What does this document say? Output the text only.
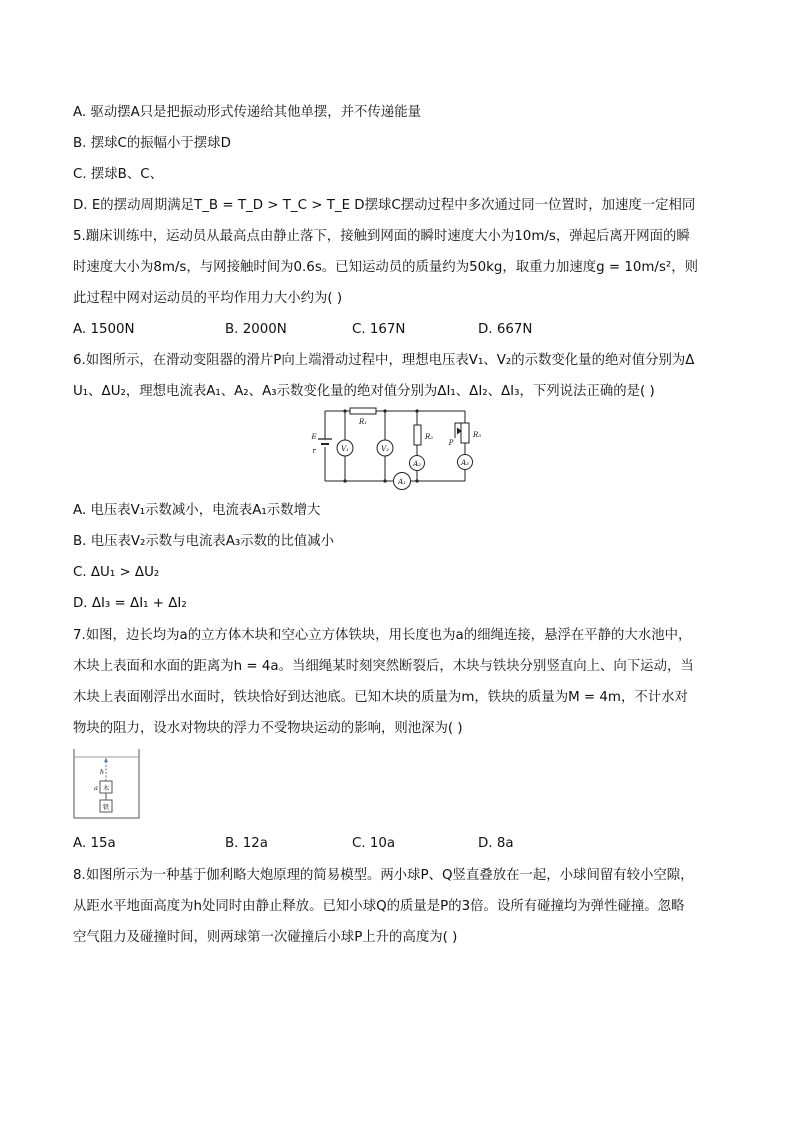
A. 驱动摆A只是把振动形式传递给其他单摆，并不传递能量
B. 摆球C的振幅小于摆球D
C. 摆球B、C、
D. E的摆动周期满足T_B = T_D > T_C > T_E D摆球C摆动过程中多次通过同一位置时，加速度一定相同
5.蹦床训练中，运动员从最高点由静止落下，接触到网面的瞬时速度大小为10m/s，弹起后离开网面的瞬
时速度大小为8m/s，与网接触时间为0.6s。已知运动员的质量约为50kg，取重力加速度g = 10m/s²，则
此过程中网对运动员的平均作用力大小约为( )
A. 1500N	B. 2000N	C. 167N	D. 667N
6.如图所示，在滑动变阻器的滑片P向上端滑动过程中，理想电压表V₁、V₂的示数变化量的绝对值分别为Δ
U₁、ΔU₂，理想电流表A₁、A₂、A₃示数变化量的绝对值分别为ΔI₁、ΔI₂、ΔI₃，下列说法正确的是( )
V₁	V₂
A₂	A₃
A₁
R₁
R₂	R₃
P
E
r
A. 电压表V₁示数减小，电流表A₁示数增大
B. 电压表V₂示数与电流表A₃示数的比值减小
C. ΔU₁ > ΔU₂
D. ΔI₃ = ΔI₁ + ΔI₂
7.如图，边长均为a的立方体木块和空心立方体铁块，用长度也为a的细绳连接，悬浮在平静的大水池中，
木块上表面和水面的距离为h = 4a。当细绳某时刻突然断裂后，木块与铁块分别竖直向上、向下运动，当
木块上表面刚浮出水面时，铁块恰好到达池底。已知木块的质量为m，铁块的质量为M = 4m，不计水对
物块的阻力，设水对物块的浮力不受物块运动的影响，则池深为( )
h
a 木
铁
A. 15a	B. 12a	C. 10a	D. 8a
8.如图所示为一种基于伽利略大炮原理的简易模型。两小球P、Q竖直叠放在一起，小球间留有较小空隙，
从距水平地面高度为h处同时由静止释放。已知小球Q的质量是P的3倍。设所有碰撞均为弹性碰撞。忽略
空气阻力及碰撞时间，则两球第一次碰撞后小球P上升的高度为( )
